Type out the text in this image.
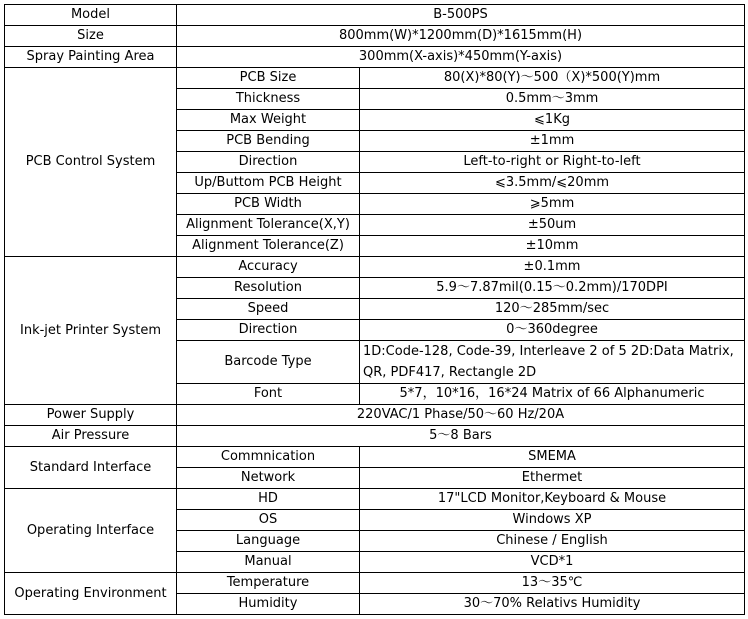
Model	B-500PS	
Size	800mm(W)*1200mm(D)*1615mm(H)	
Spray Painting Area	300mm(X-axis)*450mm(Y-axis)	
PCB Control System	PCB Size	80(X)*80(Y)～500（X)*500(Y)mm
	Thickness	0.5mm～3mm
	Max Weight	⩽1Kg
	PCB Bending	±1mm
	Direction	Left-to-right or Right-to-left
	Up/Buttom PCB Height	⩽3.5mm/⩽20mm
	PCB Width	⩾5mm
	Alignment Tolerance(X,Y)	±50um
	Alignment Tolerance(Z)	±10mm
Ink-jet Printer System	Accuracy	±0.1mm
	Resolution	5.9～7.87mil(0.15～0.2mm)/170DPI
	Speed	120～285mm/sec
	Direction	0～360degree
	Barcode Type	1D:Code-128, Code-39, Interleave 2 of 5 2D:Data Matrix, QR, PDF417, Rectangle 2D

	Font	5*7，10*16，16*24 Matrix of 66 Alphanumeric
Power Supply	220VAC/1 Phase/50～60 Hz/20A	
Air Pressure	5～8 Bars	
Standard Interface	Commnication	SMEMA
	Network	Ethermet
Operating Interface	HD	17"LCD Monitor,Keyboard & Mouse
	OS	Windows XP
	Language	Chinese / English
	Manual	VCD*1
Operating Environment	Temperature	13～35℃
	Humidity	30～70% Relativs Humidity
